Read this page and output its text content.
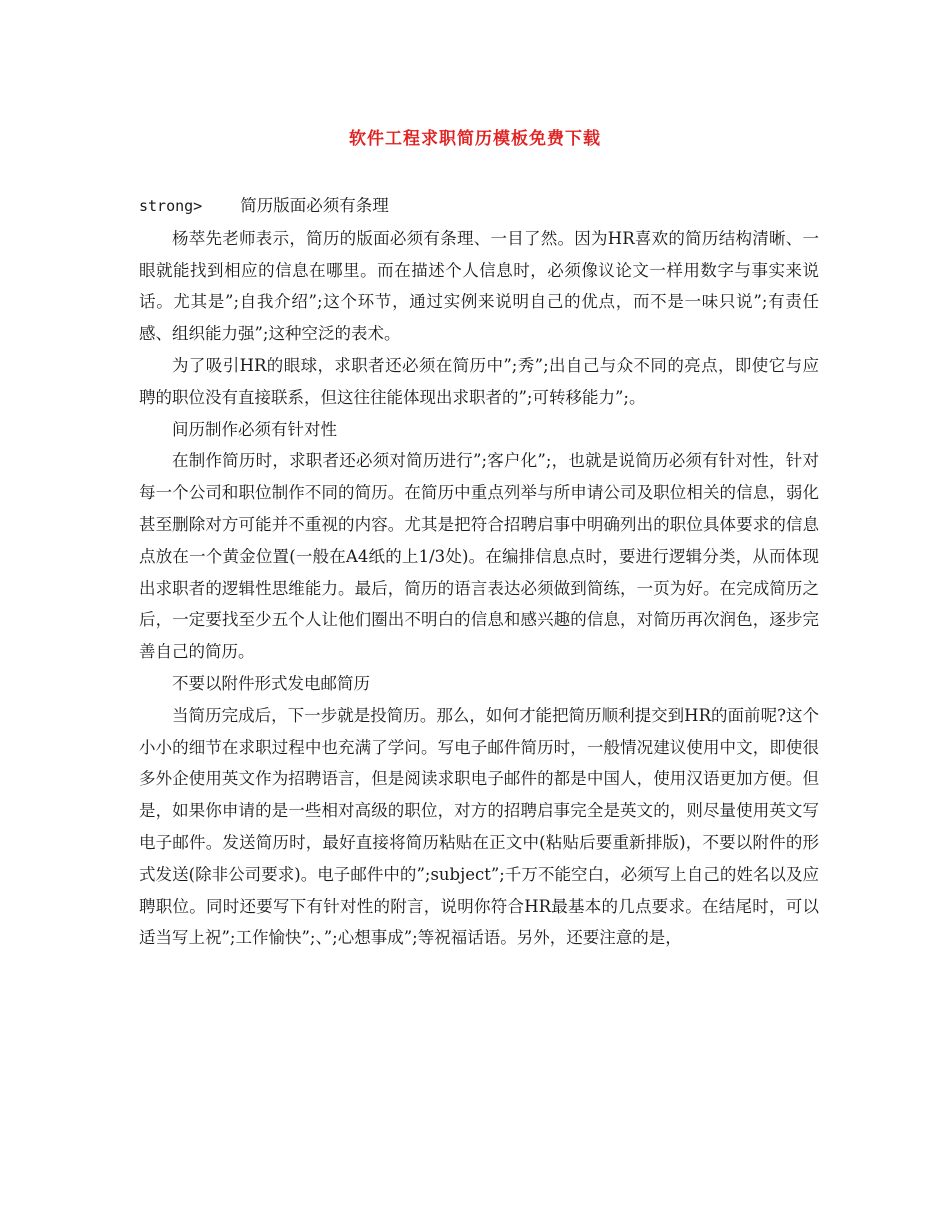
软件工程求职简历模板免费下载

strong> 简历版面必须有条理

杨萃先老师表示，简历的版面必须有条理、一目了然。因为HR喜欢的简历结构清晰、一眼就能找到相应的信息在哪里。而在描述个人信息时，必须像议论文一样用数字与事实来说话。尤其是”;自我介绍”;这个环节，通过实例来说明自己的优点，而不是一味只说”;有责任感、组织能力强”;这种空泛的表术。

为了吸引HR的眼球，求职者还必须在简历中”;秀”;出自己与众不同的亮点，即使它与应聘的职位没有直接联系，但这往往能体现出求职者的”;可转移能力”;。

间历制作必须有针对性

在制作简历时，求职者还必须对简历进行”;客户化”;，也就是说简历必须有针对性，针对每一个公司和职位制作不同的简历。在简历中重点列举与所申请公司及职位相关的信息，弱化甚至删除对方可能并不重视的内容。尤其是把符合招聘启事中明确列出的职位具体要求的信息点放在一个黄金位置(一般在A4纸的上1/3处)。在编排信息点时，要进行逻辑分类，从而体现出求职者的逻辑性思维能力。最后，简历的语言表达必须做到简练，一页为好。在完成简历之后，一定要找至少五个人让他们圈出不明白的信息和感兴趣的信息，对简历再次润色，逐步完善自己的简历。

不要以附件形式发电邮简历

当简历完成后，下一步就是投简历。那么，如何才能把简历顺利提交到HR的面前呢?这个小小的细节在求职过程中也充满了学问。写电子邮件简历时，一般情况建议使用中文，即使很多外企使用英文作为招聘语言，但是阅读求职电子邮件的都是中国人，使用汉语更加方便。但是，如果你申请的是一些相对高级的职位，对方的招聘启事完全是英文的，则尽量使用英文写电子邮件。发送简历时，最好直接将简历粘贴在正文中(粘贴后要重新排版)，不要以附件的形式发送(除非公司要求)。电子邮件中的”;subject”;千万不能空白，必须写上自己的姓名以及应聘职位。同时还要写下有针对性的附言，说明你符合HR最基本的几点要求。在结尾时，可以适当写上祝”;工作愉快”;、”;心想事成”;等祝福话语。另外，还要注意的是，
